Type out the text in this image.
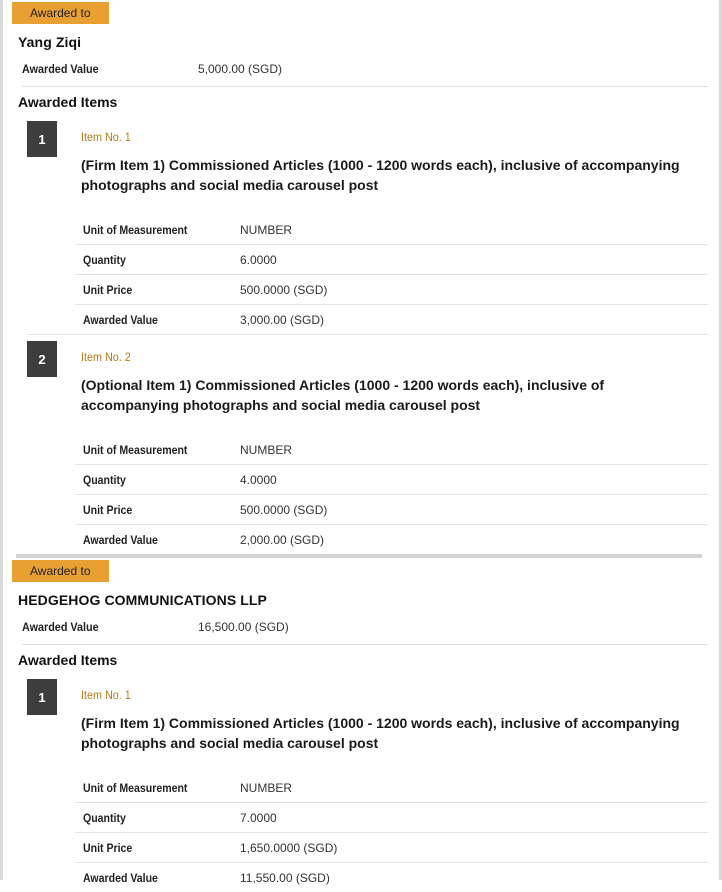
Awarded to
Yang Ziqi
Awarded Value	5,000.00 (SGD)
Awarded Items
1	Item No. 1
(Firm Item 1) Commissioned Articles (1000 - 1200 words each), inclusive of accompanying photographs and social media carousel post
Unit of Measurement	NUMBER
Quantity	6.0000
Unit Price	500.0000 (SGD)
Awarded Value	3,000.00 (SGD)
2	Item No. 2
(Optional Item 1) Commissioned Articles (1000 - 1200 words each), inclusive of accompanying photographs and social media carousel post
Unit of Measurement	NUMBER
Quantity	4.0000
Unit Price	500.0000 (SGD)
Awarded Value	2,000.00 (SGD)
Awarded to
HEDGEHOG COMMUNICATIONS LLP
Awarded Value	16,500.00 (SGD)
Awarded Items
1	Item No. 1
(Firm Item 1) Commissioned Articles (1000 - 1200 words each), inclusive of accompanying photographs and social media carousel post
Unit of Measurement	NUMBER
Quantity	7.0000
Unit Price	1,650.0000 (SGD)
Awarded Value	11,550.00 (SGD)
